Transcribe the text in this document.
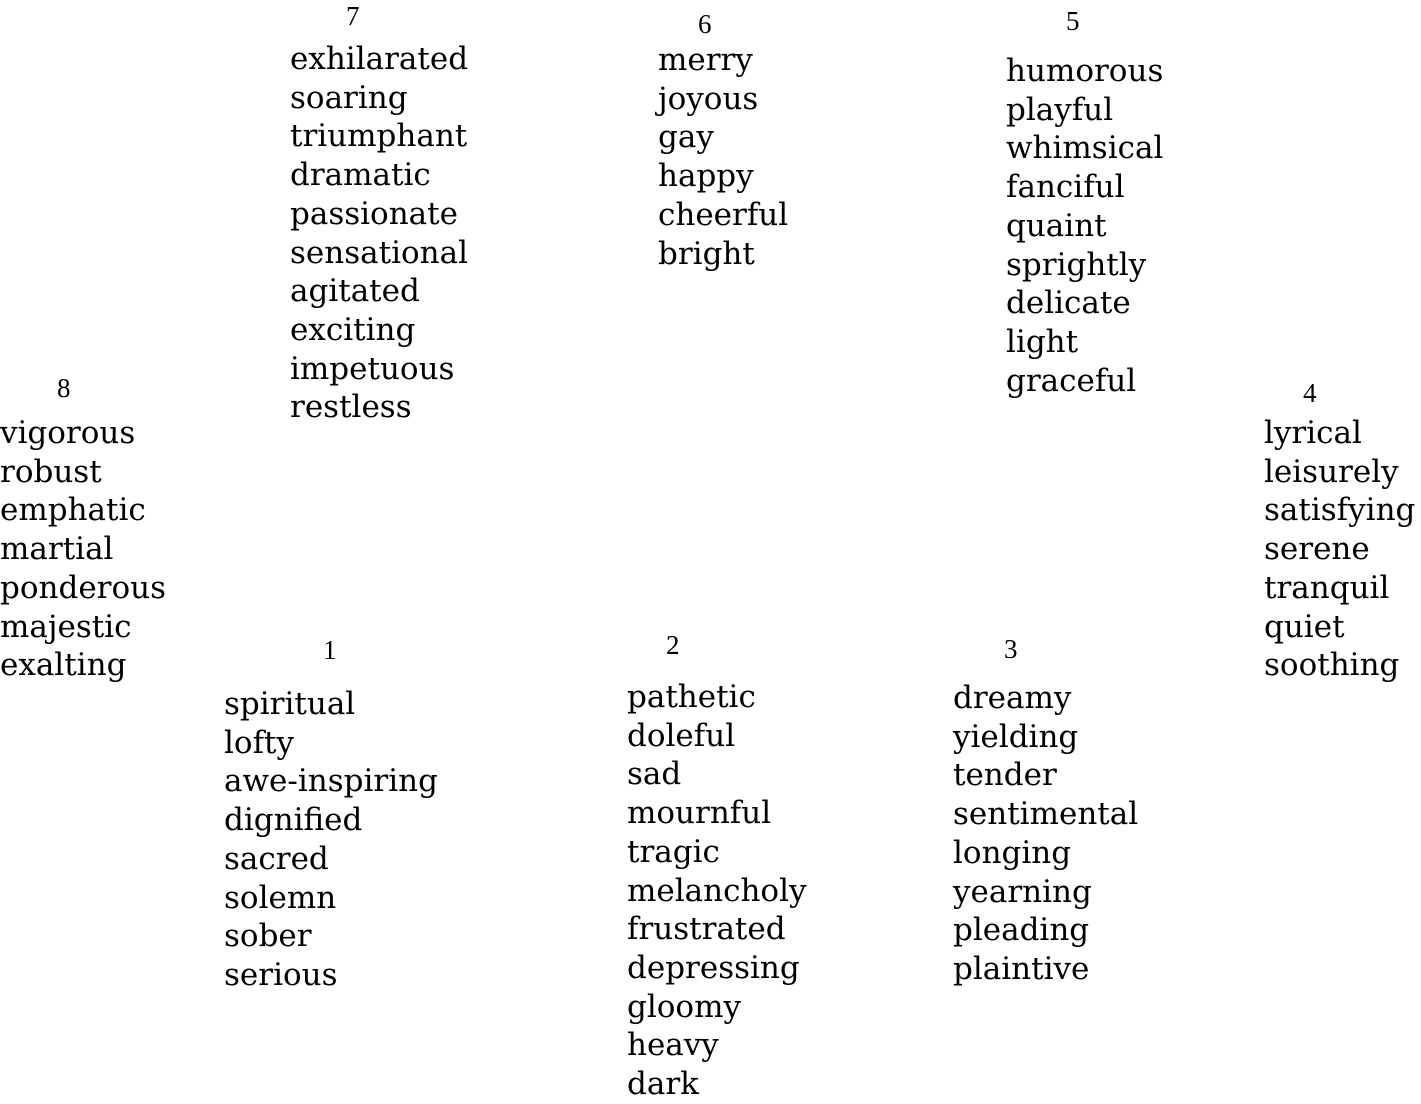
7
exhilarated
soaring
triumphant
dramatic
passionate
sensational
agitated
exciting
impetuous
restless
6
merry
joyous
gay
happy
cheerful
bright
5
humorous
playful
whimsical
fanciful
quaint
sprightly
delicate
light
graceful
8
vigorous
robust
emphatic
martial
ponderous
majestic
exalting
4
lyrical
leisurely
satisfying
serene
tranquil
quiet
soothing
1
spiritual
lofty
awe-inspiring
dignified
sacred
solemn
sober
serious
2
pathetic
doleful
sad
mournful
tragic
melancholy
frustrated
depressing
gloomy
heavy
dark
3
dreamy
yielding
tender
sentimental
longing
yearning
pleading
plaintive
